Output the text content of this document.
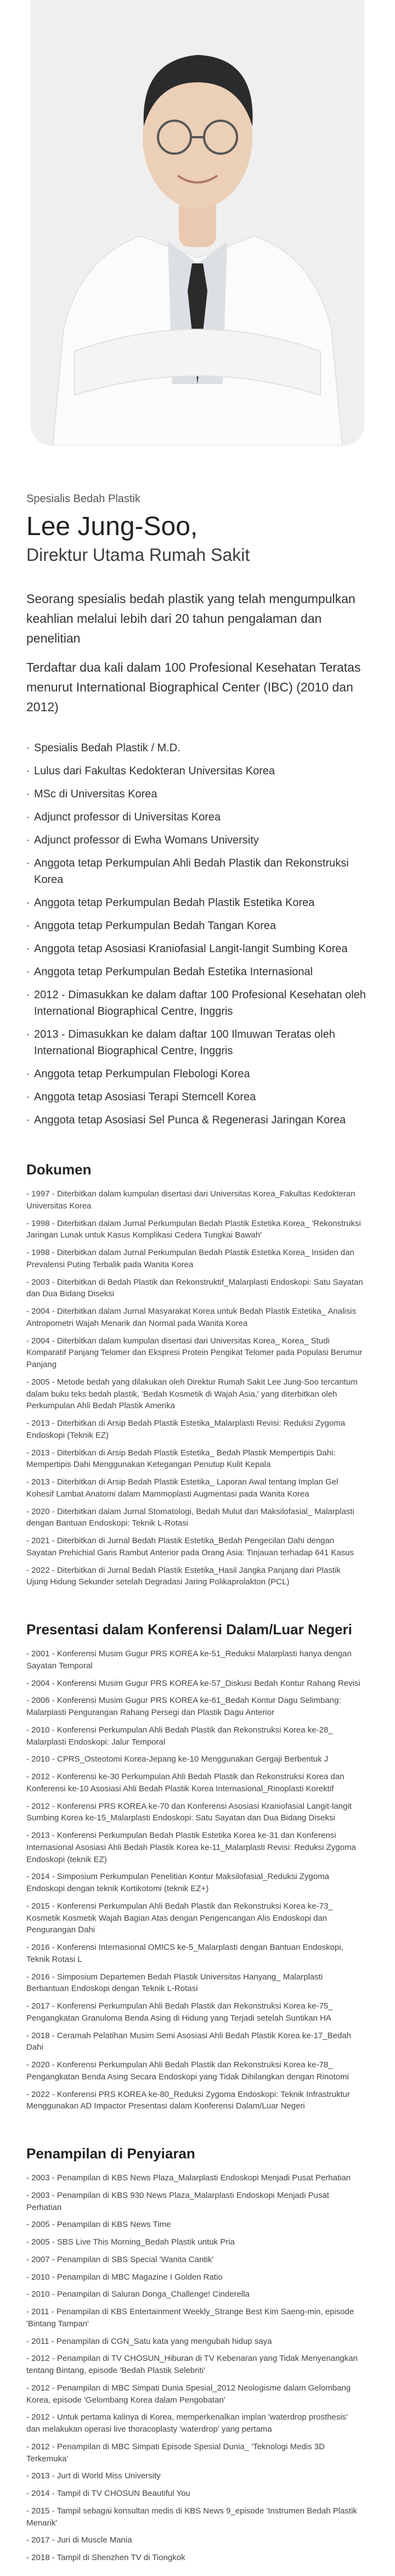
Spesialis Bedah Plastik
Lee Jung-Soo,
Direktur Utama Rumah Sakit

Seorang spesialis bedah plastik yang telah mengumpulkan keahlian melalui lebih dari 20 tahun pengalaman dan penelitian

Terdaftar dua kali dalam 100 Profesional Kesehatan Teratas menurut International Biographical Center (IBC) (2010 dan 2012)

· Spesialis Bedah Plastik / M.D.
· Lulus dari Fakultas Kedokteran Universitas Korea
· MSc di Universitas Korea
· Adjunct professor di Universitas Korea
· Adjunct professor di Ewha Womans University
· Anggota tetap Perkumpulan Ahli Bedah Plastik dan Rekonstruksi Korea
· Anggota tetap Perkumpulan Bedah Plastik Estetika Korea
· Anggota tetap Perkumpulan Bedah Tangan Korea
· Anggota tetap Asosiasi Kraniofasial Langit-langit Sumbing Korea
· Anggota tetap Perkumpulan Bedah Estetika Internasional
· 2012 - Dimasukkan ke dalam daftar 100 Profesional Kesehatan oleh International Biographical Centre, Inggris
· 2013 - Dimasukkan ke dalam daftar 100 Ilmuwan Teratas oleh International Biographical Centre, Inggris
· Anggota tetap Perkumpulan Flebologi Korea
· Anggota tetap Asosiasi Terapi Stemcell Korea
· Anggota tetap Asosiasi Sel Punca & Regenerasi Jaringan Korea
Dokumen
- 1997 - Diterbitkan dalam kumpulan disertasi dari Universitas Korea_Fakultas Kedokteran Universitas Korea
- 1998 - Diterbitkan dalam Jurnal Perkumpulan Bedah Plastik Estetika Korea_ 'Rekonstruksi Jaringan Lunak untuk Kasus Komplikasi Cedera Tungkai Bawah'
- 1998 - Diterbitkan dalam Jurnal Perkumpulan Bedah Plastik Estetika Korea_ Insiden dan Prevalensi Puting Terbalik pada Wanita Korea
- 2003 - Diterbitkan di Bedah Plastik dan Rekonstruktif_Malarplasti Endoskopi: Satu Sayatan dan Dua Bidang Diseksi
- 2004 - Diterbitkan dalam Jurnal Masyarakat Korea untuk Bedah Plastik Estetika_ Analisis Antropometri Wajah Menarik dan Normal pada Wanita Korea
- 2004 - Diterbitkan dalam kumpulan disertasi dari Universitas Korea_ Korea_ Studi Komparatif Panjang Telomer dan Ekspresi Protein Pengikat Telomer pada Populasi Berumur Panjang
- 2005 - Metode bedah yang dilakukan oleh Direktur Rumah Sakit Lee Jung-Soo tercantum dalam buku teks bedah plastik, 'Bedah Kosmetik di Wajah Asia,' yang diterbitkan oleh Perkumpulan Ahli Bedah Plastik Amerika
- 2013 - Diterbitkan di Arsip Bedah Plastik Estetika_Malarplasti Revisi: Reduksi Zygoma Endoskopi (Teknik EZ)
- 2013 - Diterbitkan di Arsip Bedah Plastik Estetika_ Bedah Plastik Mempertipis Dahi: Mempertipis Dahi Menggunakan Ketegangan Penutup Kulit Kepala
- 2013 - Diterbitkan di Arsip Bedah Plastik Estetika_ Laporan Awal tentang Implan Gel Kohesif Lambat Anatomi dalam Mammoplasti Augmentasi pada Wanita Korea
- 2020 - Diterbitkan dalam Jurnal Stomatologi, Bedah Mulut dan Maksilofasial_ Malarplasti dengan Bantuan Endoskopi: Teknik L-Rotasi
- 2021 - Diterbitkan di Jurnal Bedah Plastik Estetika_Bedah Pengecilan Dahi dengan Sayatan Prehichial Garis Rambut Anterior pada Orang Asia: Tinjauan terhadap 641 Kasus
- 2022 - Diterbitkan di Jurnal Bedah Plastik Estetika_Hasil Jangka Panjang dari Plastik Ujung Hidung Sekunder setelah Degradasi Jaring Polikaprolakton (PCL)
Presentasi dalam Konferensi Dalam/Luar Negeri
- 2001 - Konferensi Musim Gugur PRS KOREA ke-51_Reduksi Malarplasti hanya dengan Sayatan Temporal
- 2004 - Konferensi Musim Gugur PRS KOREA ke-57_Diskusi Bedah Kontur Rahang Revisi
- 2006 - Konferensi Musim Gugur PRS KOREA ke-61_Bedah Kontur Dagu Selimbang: Malarplasti Pengurangan Rahang Persegi dan Plastik Dagu Anterior
- 2010 - Konferensi Perkumpulan Ahli Bedah Plastik dan Rekonstruksi Korea ke-28_ Malarplasti Endoskopi: Jalur Temporal
- 2010 - CPRS_Osteotomi Korea-Jepang ke-10 Menggunakan Gergaji Berbentuk J
- 2012 - Konferensi ke-30 Perkumpulan Ahli Bedah Plastik dan Rekonstruksi Korea dan Konferensi ke-10 Asosiasi Ahli Bedah Plastik Korea Internasional_Rinoplasti Korektif
- 2012 - Konferensi PRS KOREA ke-70 dan Konferensi Asosiasi Kraniofasial Langit-langit Sumbing Korea ke-15_Malarplasti Endoskopi: Satu Sayatan dan Dua Bidang Diseksi
- 2013 - Konferensi Perkumpulan Bedah Plastik Estetika Korea ke-31 dan Konferensi Internasional Asosiasi Ahli Bedah Plastik Korea ke-11_Malarplasti Revisi: Reduksi Zygoma Endoskopi (teknik EZ)
- 2014 - Simposium Perkumpulan Penelitian Kontur Maksilofasial_Reduksi Zygoma Endoskopi dengan teknik Kortikotomi (teknik EZ+)
- 2015 - Konferensi Perkumpulan Ahli Bedah Plastik dan Rekonstruksi Korea ke-73_ Kosmetik Kosmetik Wajah Bagian Atas dengan Pengencangan Alis Endoskopi dan Pengurangan Dahi
- 2016 - Konferensi Internasional OMICS ke-5_Malarplasti dengan Bantuan Endoskopi, Teknik Rotasi L
- 2016 - Simposium Departemen Bedah Plastik Universitas Hanyang_ Malarplasti Berbantuan Endoskopi dengan Teknik L-Rotasi
- 2017 - Konferensi Perkumpulan Ahli Bedah Plastik dan Rekonstruksi Korea ke-75_ Pengangkatan Granuloma Benda Asing di Hidung yang Terjadi setelah Suntikan HA
- 2018 - Ceramah Pelatihan Musim Semi Asosiasi Ahli Bedah Plastik Korea ke-17_Bedah Dahi
- 2020 - Konferensi Perkumpulan Ahli Bedah Plastik dan Rekonstruksi Korea ke-78_ Pengangkatan Benda Asing Secara Endoskopi yang Tidak Dihilangkan dengan Rinotomi
- 2022 - Konferensi PRS KOREA ke-80_Reduksi Zygoma Endoskopi: Teknik Infrastruktur Menggunakan AD Impactor Presentasi dalam Konferensi Dalam/Luar Negeri
Penampilan di Penyiaran
- 2003 - Penampilan di KBS News Plaza_Malarplasti Endoskopi Menjadi Pusat Perhatian
- 2003 - Penampilan di KBS 930 News Plaza_Malarplasti Endoskopi Menjadi Pusat Perhatian
- 2005 - Penampilan di KBS News Time
- 2005 - SBS Live This Morning_Bedah Plastik untuk Pria
- 2007 - Penampilan di SBS Special 'Wanita Cantik'
- 2010 - Penampilan di MBC Magazine I Golden Ratio
- 2010 - Penampilan di Saluran Donga_Challenge! Cinderella
- 2011 - Penampilan di KBS Entertainment Weekly_Strange Best Kim Saeng-min, episode 'Bintang Tampan'
- 2011 - Penampilan di CGN_Satu kata yang mengubah hidup saya
- 2012 - Penampilan di TV CHOSUN_Hiburan di TV Kebenaran yang Tidak Menyenangkan tentang Bintang, episode 'Bedah Plastik Selebriti'
- 2012 - Penampilan di MBC Simpati Dunia Spesial_2012 Neologisme dalam Gelombang Korea, episode 'Gelombang Korea dalam Pengobatan'
- 2012 - Untuk pertama kalinya di Korea, memperkenalkan implan 'waterdrop prosthesis' dan melakukan operasi live thoracoplasty 'waterdrop' yang pertama
- 2012 - Penampilan di MBC Simpati Episode Spesial Dunia_ 'Teknologi Medis 3D Terkemuka'
- 2013 - Jurt di World Miss University
- 2014 - Tampil di TV CHOSUN Beautiful You
- 2015 - Tampil sebagai konsultan medis di KBS News 9_episode 'Instrumen Bedah Plastik Menarik'
- 2017 - Juri di Muscle Mania
- 2018 - Tampil di Shenzhen TV di Tiongkok
